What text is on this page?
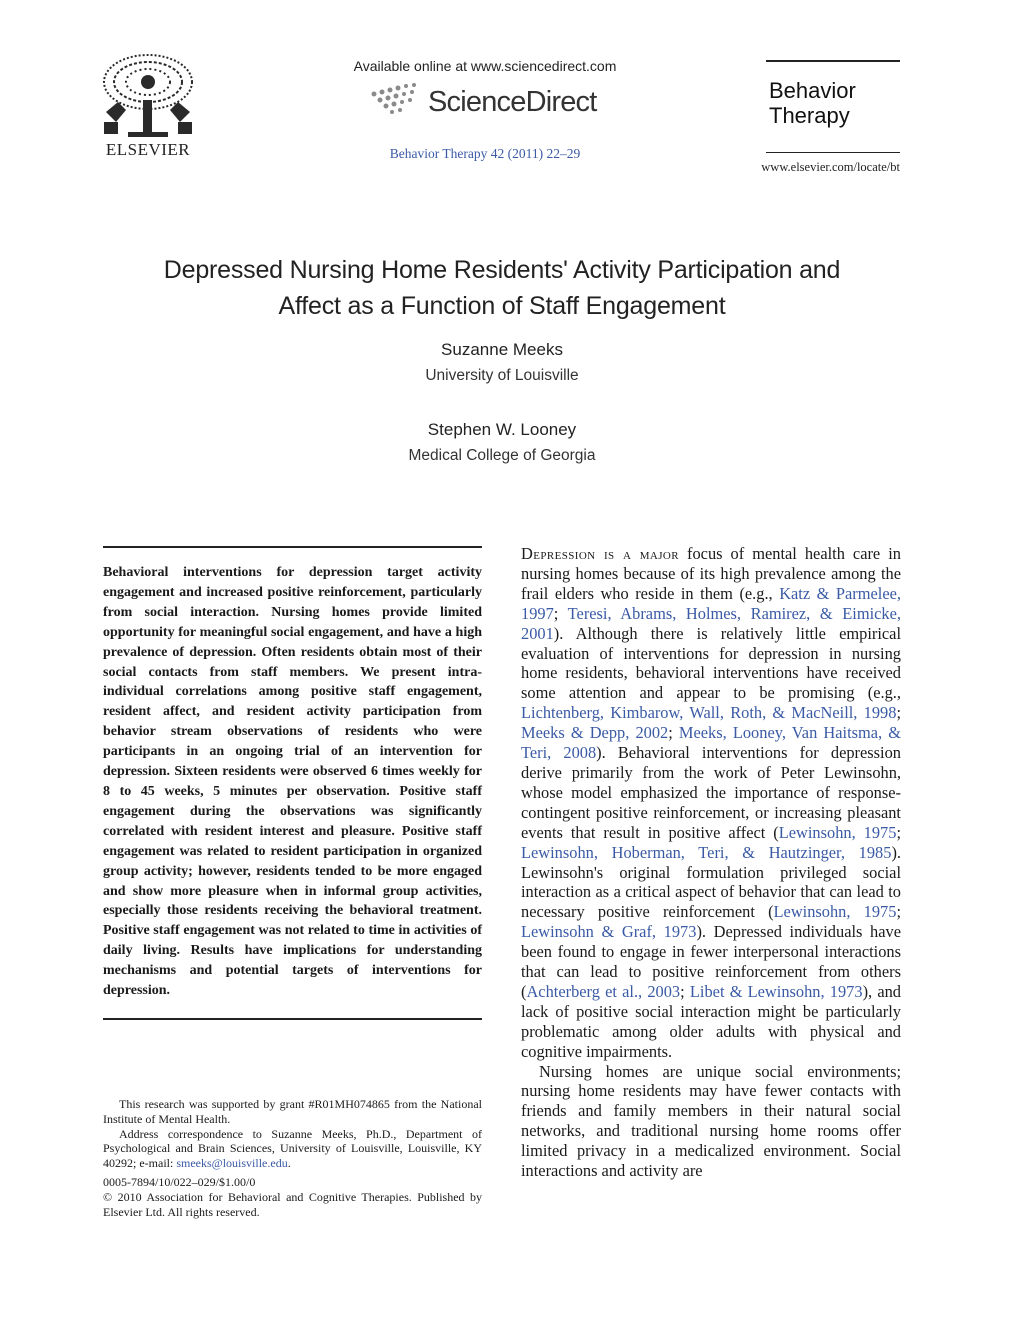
ELSEVIER
Available online at www.sciencedirect.com
ScienceDirect
Behavior Therapy 42 (2011) 22–29
Behavior
Therapy
www.elsevier.com/locate/bt
Depressed Nursing Home Residents' Activity Participation and
Affect as a Function of Staff Engagement
Suzanne Meeks
University of Louisville
Stephen W. Looney
Medical College of Georgia
Behavioral interventions for depression target activity engagement and increased positive reinforcement, particularly from social interaction. Nursing homes provide limited opportunity for meaningful social engagement, and have a high prevalence of depression. Often residents obtain most of their social contacts from staff members. We present intra-individual correlations among positive staff engagement, resident affect, and resident activity participation from behavior stream observations of residents who were participants in an ongoing trial of an intervention for depression. Sixteen residents were observed 6 times weekly for 8 to 45 weeks, 5 minutes per observation. Positive staff engagement during the observations was significantly correlated with resident interest and pleasure. Positive staff engagement was related to resident participation in organized group activity; however, residents tended to be more engaged and show more pleasure when in informal group activities, especially those residents receiving the behavioral treatment. Positive staff engagement was not related to time in activities of daily living. Results have implications for understanding mechanisms and potential targets of interventions for depression.

This research was supported by grant #R01MH074865 from the National Institute of Mental Health.

Address correspondence to Suzanne Meeks, Ph.D., Department of Psychological and Brain Sciences, University of Louisville, Louisville, KY 40292; e-mail: smeeks@louisville.edu.

0005-7894/10/022–029/$1.00/0

© 2010 Association for Behavioral and Cognitive Therapies. Published by Elsevier Ltd. All rights reserved.

Depression is a major focus of mental health care in nursing homes because of its high prevalence among the frail elders who reside in them (e.g., Katz & Parmelee, 1997; Teresi, Abrams, Holmes, Ramirez, & Eimicke, 2001). Although there is relatively little empirical evaluation of interventions for depression in nursing home residents, behavioral interventions have received some attention and appear to be promising (e.g., Lichtenberg, Kimbarow, Wall, Roth, & MacNeill, 1998; Meeks & Depp, 2002; Meeks, Looney, Van Haitsma, & Teri, 2008). Behavioral interventions for depression derive primarily from the work of Peter Lewinsohn, whose model emphasized the importance of response-contingent positive reinforcement, or increasing pleasant events that result in positive affect (Lewinsohn, 1975; Lewinsohn, Hoberman, Teri, & Hautzinger, 1985). Lewinsohn's original formulation privileged social interaction as a critical aspect of behavior that can lead to necessary positive reinforcement (Lewinsohn, 1975; Lewinsohn & Graf, 1973). Depressed individuals have been found to engage in fewer interpersonal interactions that can lead to positive reinforcement from others (Achterberg et al., 2003; Libet & Lewinsohn, 1973), and lack of positive social interaction might be particularly problematic among older adults with physical and cognitive impairments.

Nursing homes are unique social environments; nursing home residents may have fewer contacts with friends and family members in their natural social networks, and traditional nursing home rooms offer limited privacy in a medicalized environment. Social interactions and activity are
